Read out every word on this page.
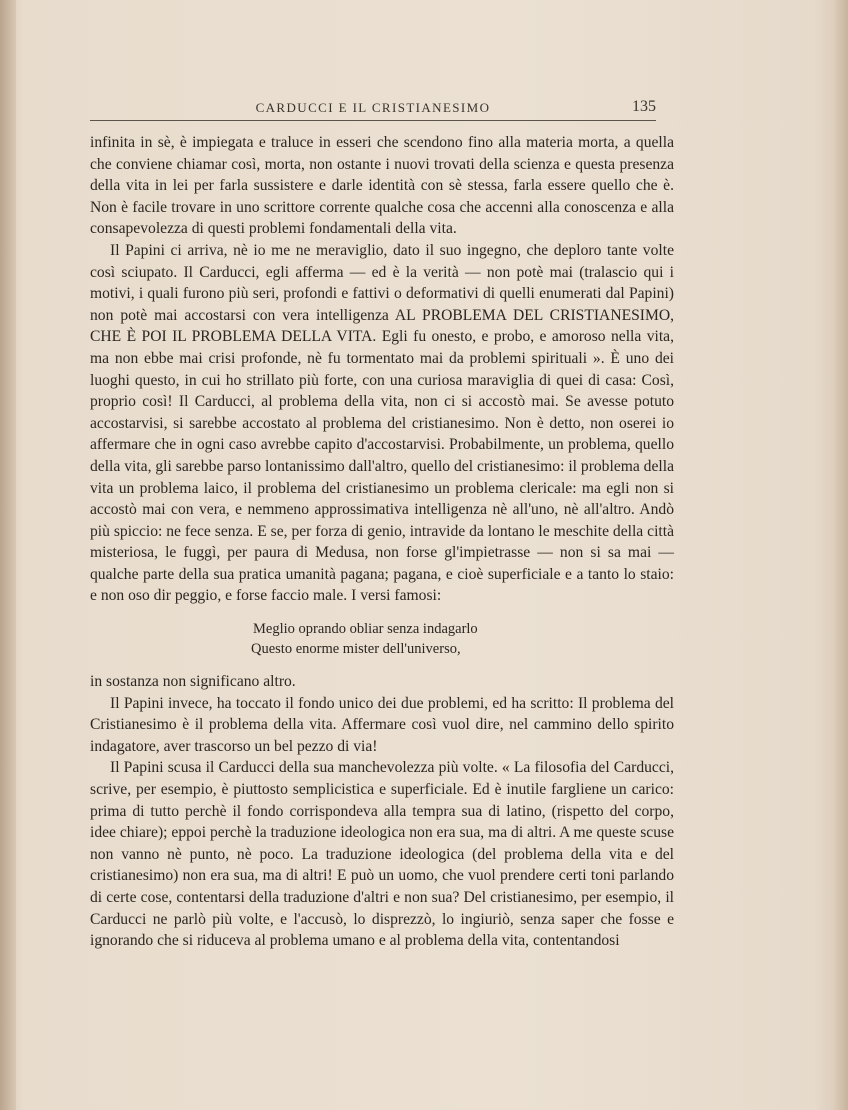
CARDUCCI E IL CRISTIANESIMO	135

infinita in sè, è impiegata e traluce in esseri che scendono fino alla materia morta, a quella che conviene chiamar così, morta, non ostante i nuovi trovati della scienza e questa presenza della vita in lei per farla sussistere e darle identità con sè stessa, farla essere quello che è. Non è facile trovare in uno scrittore corrente qualche cosa che accenni alla conoscenza e alla consapevolezza di questi problemi fondamentali della vita.

Il Papini ci arriva, nè io me ne meraviglio, dato il suo ingegno, che deploro tante volte così sciupato. Il Carducci, egli afferma — ed è la verità — non potè mai (tralascio qui i motivi, i quali furono più seri, profondi e fattivi o deformativi di quelli enumerati dal Papini) non potè mai accostarsi con vera intelligenza AL PROBLEMA DEL CRISTIANESIMO, CHE È POI IL PROBLEMA DELLA VITA. Egli fu onesto, e probo, e amoroso nella vita, ma non ebbe mai crisi profonde, nè fu tormentato mai da problemi spirituali ». È uno dei luoghi questo, in cui ho strillato più forte, con una curiosa maraviglia di quei di casa: Così, proprio così! Il Carducci, al problema della vita, non ci si accostò mai. Se avesse potuto accostarvisi, si sarebbe accostato al problema del cristianesimo. Non è detto, non oserei io affermare che in ogni caso avrebbe capito d'accostarvisi. Probabilmente, un problema, quello della vita, gli sarebbe parso lontanissimo dall'altro, quello del cristianesimo: il problema della vita un problema laico, il problema del cristianesimo un problema clericale: ma egli non si accostò mai con vera, e nemmeno approssimativa intelligenza nè all'uno, nè all'altro. Andò più spiccio: ne fece senza. E se, per forza di genio, intravide da lontano le meschite della città misteriosa, le fuggì, per paura di Medusa, non forse gl'impietrasse — non si sa mai — qualche parte della sua pratica umanità pagana; pagana, e cioè superficiale e a tanto lo staio: e non oso dir peggio, e forse faccio male. I versi famosi:

Meglio oprando obliar senza indagarlo
Questo enorme mister dell'universo,

in sostanza non significano altro.

Il Papini invece, ha toccato il fondo unico dei due problemi, ed ha scritto: Il problema del Cristianesimo è il problema della vita. Affermare così vuol dire, nel cammino dello spirito indagatore, aver trascorso un bel pezzo di via!

Il Papini scusa il Carducci della sua manchevolezza più volte. « La filosofia del Carducci, scrive, per esempio, è piuttosto semplicistica e superficiale. Ed è inutile fargliene un carico: prima di tutto perchè il fondo corrispondeva alla tempra sua di latino, (rispetto del corpo, idee chiare); eppoi perchè la traduzione ideologica non era sua, ma di altri. A me queste scuse non vanno nè punto, nè poco. La traduzione ideologica (del problema della vita e del cristianesimo) non era sua, ma di altri! E può un uomo, che vuol prendere certi toni parlando di certe cose, contentarsi della traduzione d'altri e non sua? Del cristianesimo, per esempio, il Carducci ne parlò più volte, e l'accusò, lo disprezzò, lo ingiuriò, senza saper che fosse e ignorando che si riduceva al problema umano e al problema della vita, contentandosi
